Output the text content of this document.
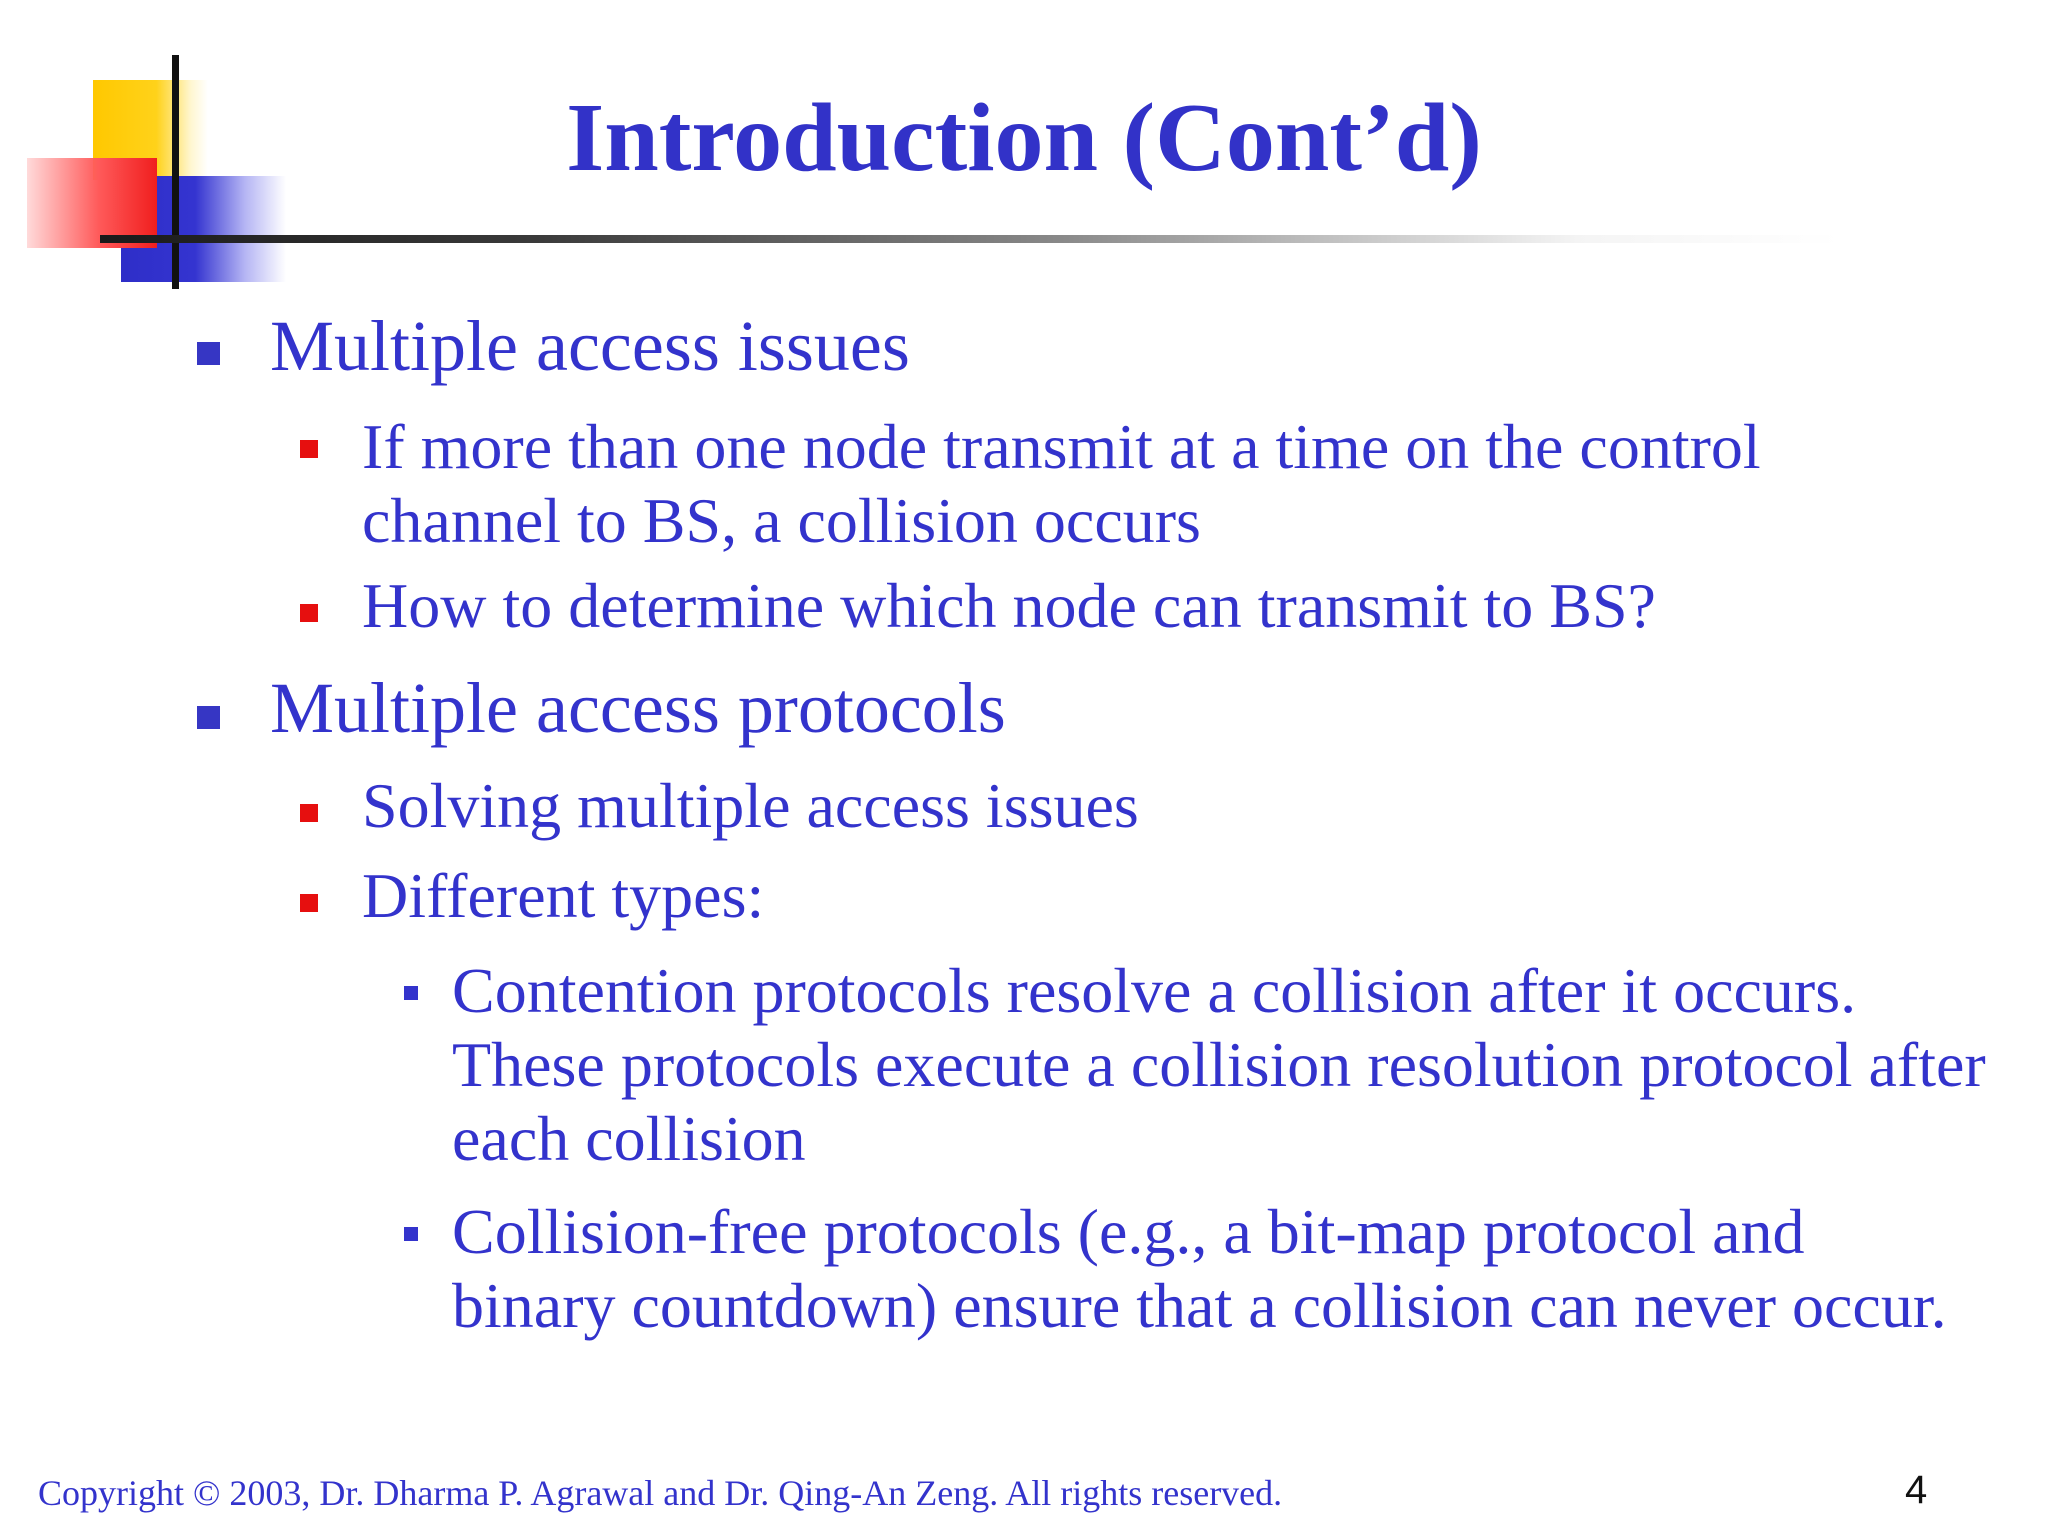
Introduction (Cont’d)
Multiple access issues
If more than one node transmit at a time on the control channel to BS, a collision occurs
How to determine which node can transmit to BS?
Multiple access protocols
Solving multiple access issues
Different types:
Contention protocols resolve a collision after it occurs. These protocols execute a collision resolution protocol after each collision
Collision-free protocols (e.g., a bit-map protocol and binary countdown) ensure that a collision can never occur.
Copyright © 2003, Dr. Dharma P. Agrawal and Dr. Qing-An Zeng. All rights reserved.	4
